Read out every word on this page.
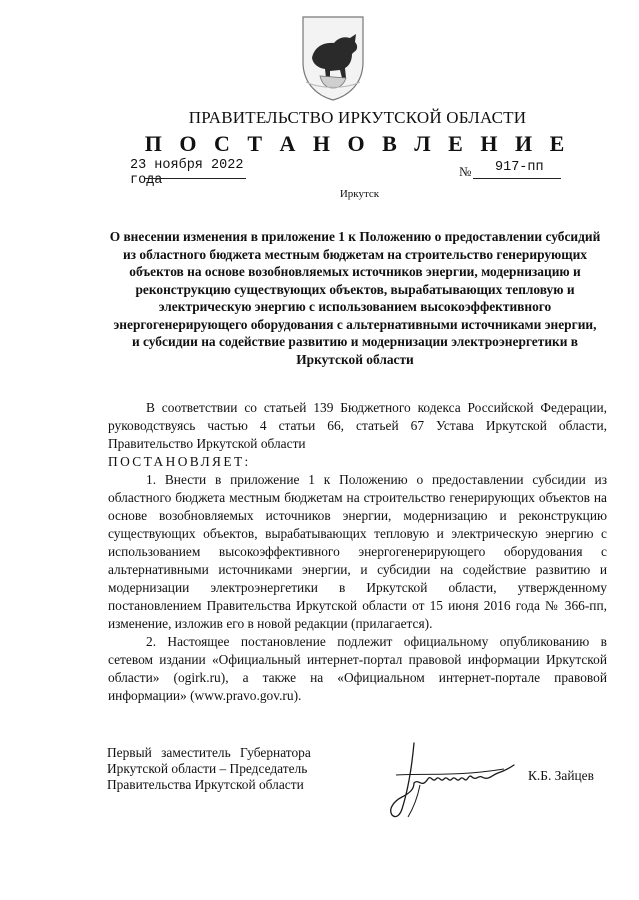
ПРАВИТЕЛЬСТВО ИРКУТСКОЙ ОБЛАСТИ
П О С Т А Н О В Л Е Н И Е
23 ноября 2022 года
№ 917-пп
Иркутск
О внесении изменения в приложение 1 к Положению о предоставлении субсидий из областного бюджета местным бюджетам на строительство генерирующих объектов на основе возобновляемых источников энергии, модернизацию и реконструкцию существующих объектов, вырабатывающих тепловую и электрическую энергию с использованием высокоэффективного энергогенерирующего оборудования с альтернативными источниками энергии, и субсидии на содействие развитию и модернизации электроэнергетики в Иркутской области

В соответствии со статьей 139 Бюджетного кодекса Российской Федерации, руководствуясь частью 4 статьи 66, статьей 67 Устава Иркутской области, Правительство Иркутской области

ПОСТАНОВЛЯЕТ:

1. Внести в приложение 1 к Положению о предоставлении субсидии из областного бюджета местным бюджетам на строительство генерирующих объектов на основе возобновляемых источников энергии, модернизацию и реконструкцию существующих объектов, вырабатывающих тепловую и электрическую энергию с использованием высокоэффективного энергогенерирующего оборудования с альтернативными источниками энергии, и субсидии на содействие развитию и модернизации электроэнергетики в Иркутской области, утвержденному постановлением Правительства Иркутской области от 15 июня 2016 года № 366-пп, изменение, изложив его в новой редакции (прилагается).

2. Настоящее постановление подлежит официальному опубликованию в сетевом издании «Официальный интернет-портал правовой информации Иркутской области» (ogirk.ru), а также на «Официальном интернет-портале правовой информации» (www.pravo.gov.ru).

Первый заместитель Губернатора
Иркутской области – Председатель
Правительства Иркутской области
К.Б. Зайцев
